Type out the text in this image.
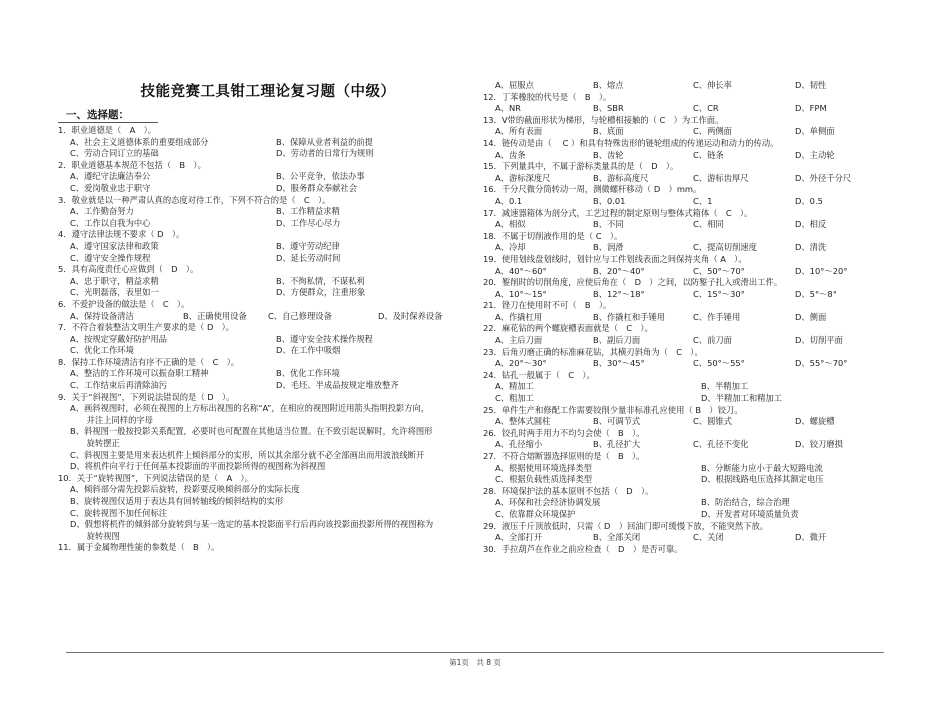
技能竞赛工具钳工理论复习题（中级）
一、选择题：
1．职业道德是（　A　）。
A、社会主义道德体系的重要组成部分	B、保障从业者利益的前提
C、劳动合同订立的基础	D、劳动者的日常行为规则
2．职业道德基本规范不包括（　B　）。
A、遵纪守法廉洁奉公	B、公平竞争，依法办事
C、爱岗敬业忠于职守	D、服务群众奉献社会
3．敬业就是以一种严肃认真的态度对待工作，下列不符合的是（　C　）。
A、工作勤奋努力	B、工作精益求精
C、工作以自我为中心	D、工作尽心尽力
4．遵守法律法规不要求（ D　）。
A、遵守国家法律和政策	B、遵守劳动纪律
C、遵守安全操作规程	D、延长劳动时间
5．具有高度责任心应做到（　D　）。
A、忠于职守，精益求精	B、不徇私情，不谋私利
C、光明磊落，表里如一	D、方便群众，注重形象
6．不爱护设备的做法是（　C　）。
A、保持设备清洁	B、正确使用设备	C、自己修理设备	D、及时保养设备
7．不符合着装整洁文明生产要求的是（ D　）。
A、按规定穿戴好防护用品	B、遵守安全技术操作规程
C、优化工作环境	D、在工作中吸烟
8．保持工作环境清洁有序不正确的是（　C　）。
A、整洁的工作环境可以振奋职工精神	B、优化工作环境
C、工作结束后再清除油污	D、毛坯、半成品按规定堆放整齐
9．关于“斜视图”，下列说法错误的是（ D　）。
A、画斜视图时，必须在视图的上方标出视图的名称“A”，在相应的视图附近用箭头指明投影方向，
　　并注上同样的字母
B、斜视图一般按投影关系配置，必要时也可配置在其他适当位置。在不致引起误解时，允许将图形
　　旋转摆正
C、斜视图主要是用来表达机件上倾斜部分的实形，所以其余部分就不必全部画出而用波浪线断开
D、将机件向平行于任何基本投影面的平面投影所得的视图称为斜视图
10．关于“旋转视图”，下列说法错误的是（　A　）。
A、倾斜部分需先投影后旋转，投影要反映倾斜部分的实际长度
B、旋转视图仅适用于表达具有回转轴线的倾斜结构的实形
C、旋转视图不加任何标注
D、假想将机件的倾斜部分旋转到与某一选定的基本投影面平行后再向该投影面投影所得的视图称为
　　旋转视图
11．属于金属物理性能的参数是（　B　）。
A、屈服点	B、熔点	C、伸长率	D、韧性
12．丁苯橡胶的代号是（　B　）。
A、NR	B、SBR	C、CR	D、FPM
13．V带的截面形状为梯形，与轮槽相接触的（ C　）为工作面。
A、所有表面	B、底面	C、两侧面	D、单侧面
14．链传动是由（　 C ）和具有特殊齿形的链轮组成的传递运动和动力的传动。
A、齿条	B、齿轮	C、链条	D、主动轮
15．下列量具中，不属于游标类量具的是（　D　）。
A、游标深度尺	B、游标高度尺	C、游标齿厚尺	D、外径千分尺
16．千分尺微分筒转动一周，测微螺杆移动（ D　）mm。
A、0.1	B、0.01	C、1	D、0.5
17．减速器箱体为剖分式，工艺过程的制定原则与整体式箱体（　C　）。
A、相似	B、不同	C、相同	D、相反
18．不属于切削液作用的是（ C　）。
A、冷却	B、润滑	C、提高切削速度	D、清洗
19．使用划线盘划线时，划针应与工件划线表面之间保持夹角（ A　）。
A、40°～60°	B、20°～40°	C、50°～70°	D、10°～20°
20．錾削时的切削角度，应使后角在（　D　）之间，以防錾子扎入或滑出工件。
A、10°～15°	B、12°～18°	C、15°～30°	D、5°～8°
21．锉刀在使用时不可（　B　）。
A、作撬杠用	B、作撬杠和手锤用	C、作手锤用	D、侧面
22．麻花钻的两个螺旋槽表面就是（　C　）。
A、主后刀面	B、副后刀面	C、前刀面	D、切削平面
23．后角刃磨正确的标准麻花钻，其横刃斜角为（　C　）。
A、20°～30°	B、30°～45°	C、50°～55°	D、55°～70°
24．钻孔一般属于（　C　）。
A、精加工	B、半精加工
C、粗加工	D、半精加工和精加工
25．单件生产和修配工作需要铰削少量非标准孔应使用（ B　）铰刀。
A、整体式圆柱	B、可调节式	C、圆锥式	D、螺旋槽
26．铰孔时两手用力不均匀会使（　B　）。
A、孔径缩小	B、孔径扩大	C、孔径不变化	D、铰刀磨损
27．不符合熔断器选择原则的是（　B　）。
A、根据使用环境选择类型	B、分断能力应小于最大短路电流
C、根据负载性质选择类型	D、根据线路电压选择其额定电压
28．环境保护法的基本原则不包括（　D　）。
A、环保和社会经济协调发展	B、防治结合，综合治理
C、依靠群众环境保护	D、开发者对环境质量负责
29．液压千斤顶放低时，只需（ D　）回油门即可缓慢下放，不能突然下放。
A、全部打开	B、全部关闭	C、关闭	D、微开
30．手拉葫芦在作业之前应检查（　D　）是否可靠。
第1页　共 8 页
